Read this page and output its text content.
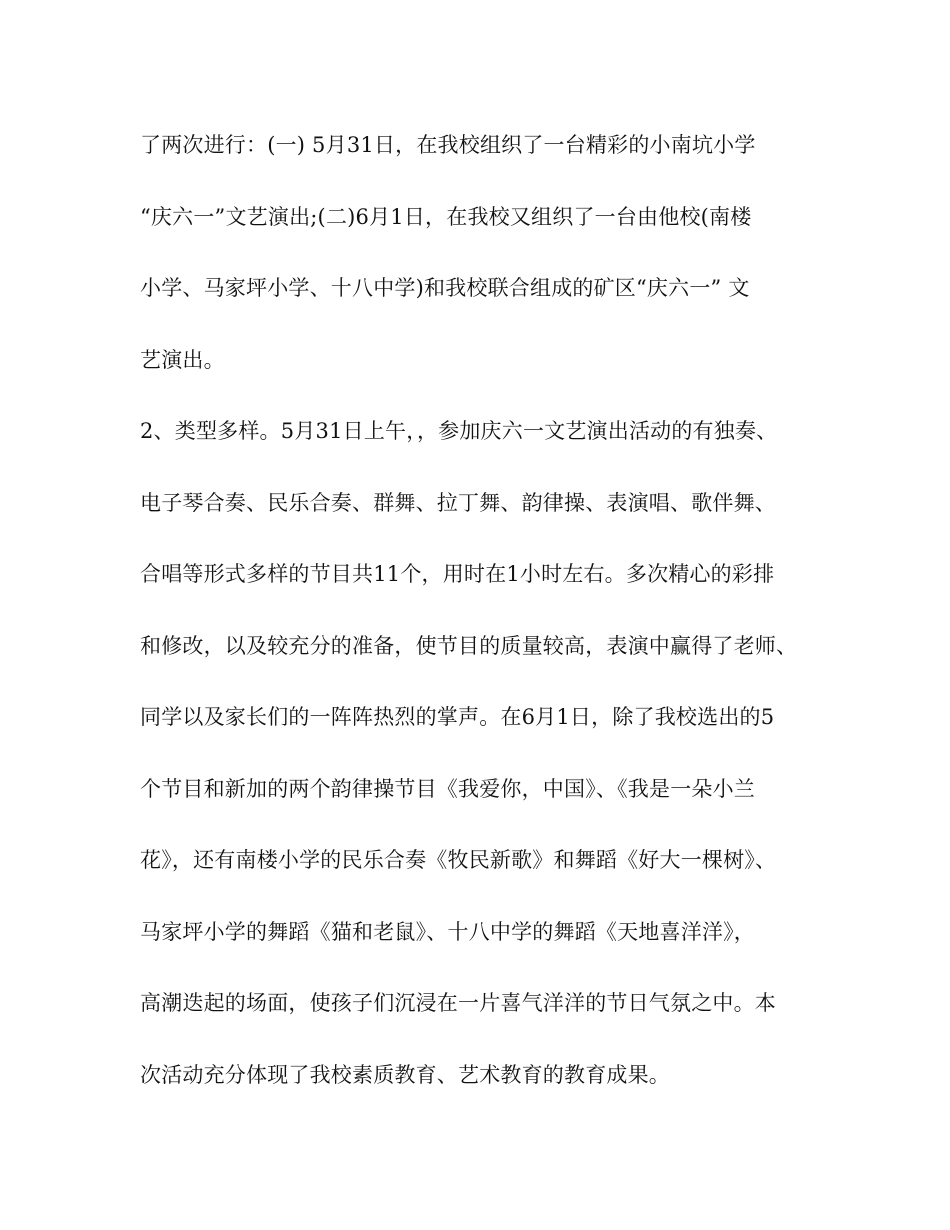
了两次进行：(一) 5月31日，在我校组织了一台精彩的小南坑小学
“庆六一”文艺演出;(二)6月1日，在我校又组织了一台由他校(南楼
小学、马家坪小学、十八中学)和我校联合组成的矿区“庆六一” 文
艺演出。
2、类型多样。5月31日上午，，参加庆六一文艺演出活动的有独奏、
电子琴合奏、民乐合奏、群舞、拉丁舞、韵律操、表演唱、歌伴舞、
合唱等形式多样的节目共11个，用时在1小时左右。多次精心的彩排
和修改，以及较充分的准备，使节目的质量较高，表演中赢得了老师、
同学以及家长们的一阵阵热烈的掌声。在6月1日，除了我校选出的5
个节目和新加的两个韵律操节目《我爱你，中国》、《我是一朵小兰
花》，还有南楼小学的民乐合奏《牧民新歌》和舞蹈《好大一棵树》、
马家坪小学的舞蹈《猫和老鼠》、十八中学的舞蹈《天地喜洋洋》，
高潮迭起的场面，使孩子们沉浸在一片喜气洋洋的节日气氛之中。本
次活动充分体现了我校素质教育、艺术教育的教育成果。
